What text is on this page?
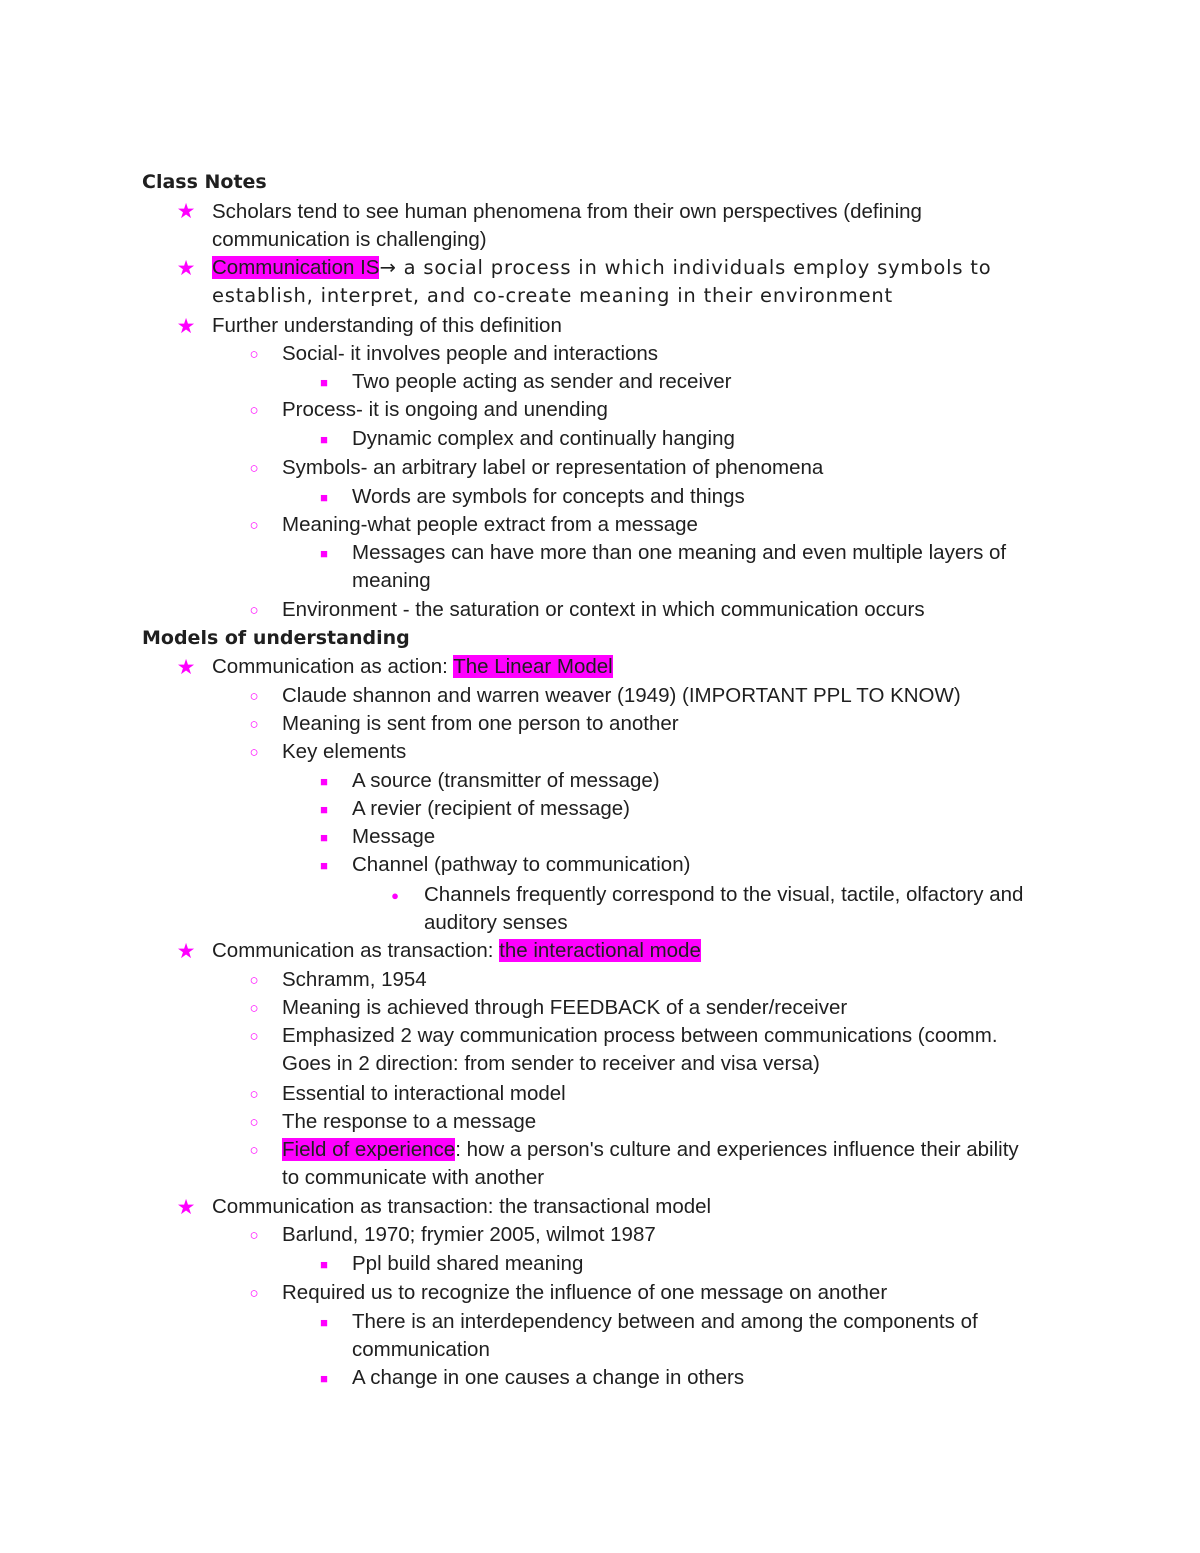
Class Notes
★ Scholars tend to see human phenomena from their own perspectives (defining
communication is challenging)
★ Communication IS→ a social process in which individuals employ symbols to
establish, interpret, and co-create meaning in their environment
★ Further understanding of this definition
○ Social- it involves people and interactions
■ Two people acting as sender and receiver
○ Process- it is ongoing and unending
■ Dynamic complex and continually hanging
○ Symbols- an arbitrary label or representation of phenomena
■ Words are symbols for concepts and things
○ Meaning-what people extract from a message
■ Messages can have more than one meaning and even multiple layers of
meaning
○ Environment - the saturation or context in which communication occurs
Models of understanding
★ Communication as action: The Linear Model
○ Claude shannon and warren weaver (1949) (IMPORTANT PPL TO KNOW)
○ Meaning is sent from one person to another
○ Key elements
■ A source (transmitter of message)
■ A revier (recipient of message)
■ Message
■ Channel (pathway to communication)
● Channels frequently correspond to the visual, tactile, olfactory and
auditory senses
★ Communication as transaction: the interactional mode
○ Schramm, 1954
○ Meaning is achieved through FEEDBACK of a sender/receiver
○ Emphasized 2 way communication process between communications (coomm.
Goes in 2 direction: from sender to receiver and visa versa)
○ Essential to interactional model
○ The response to a message
○ Field of experience: how a person's culture and experiences influence their ability
to communicate with another
★ Communication as transaction: the transactional model
○ Barlund, 1970; frymier 2005, wilmot 1987
■ Ppl build shared meaning
○ Required us to recognize the influence of one message on another
■ There is an interdependency between and among the components of
communication
■ A change in one causes a change in others
